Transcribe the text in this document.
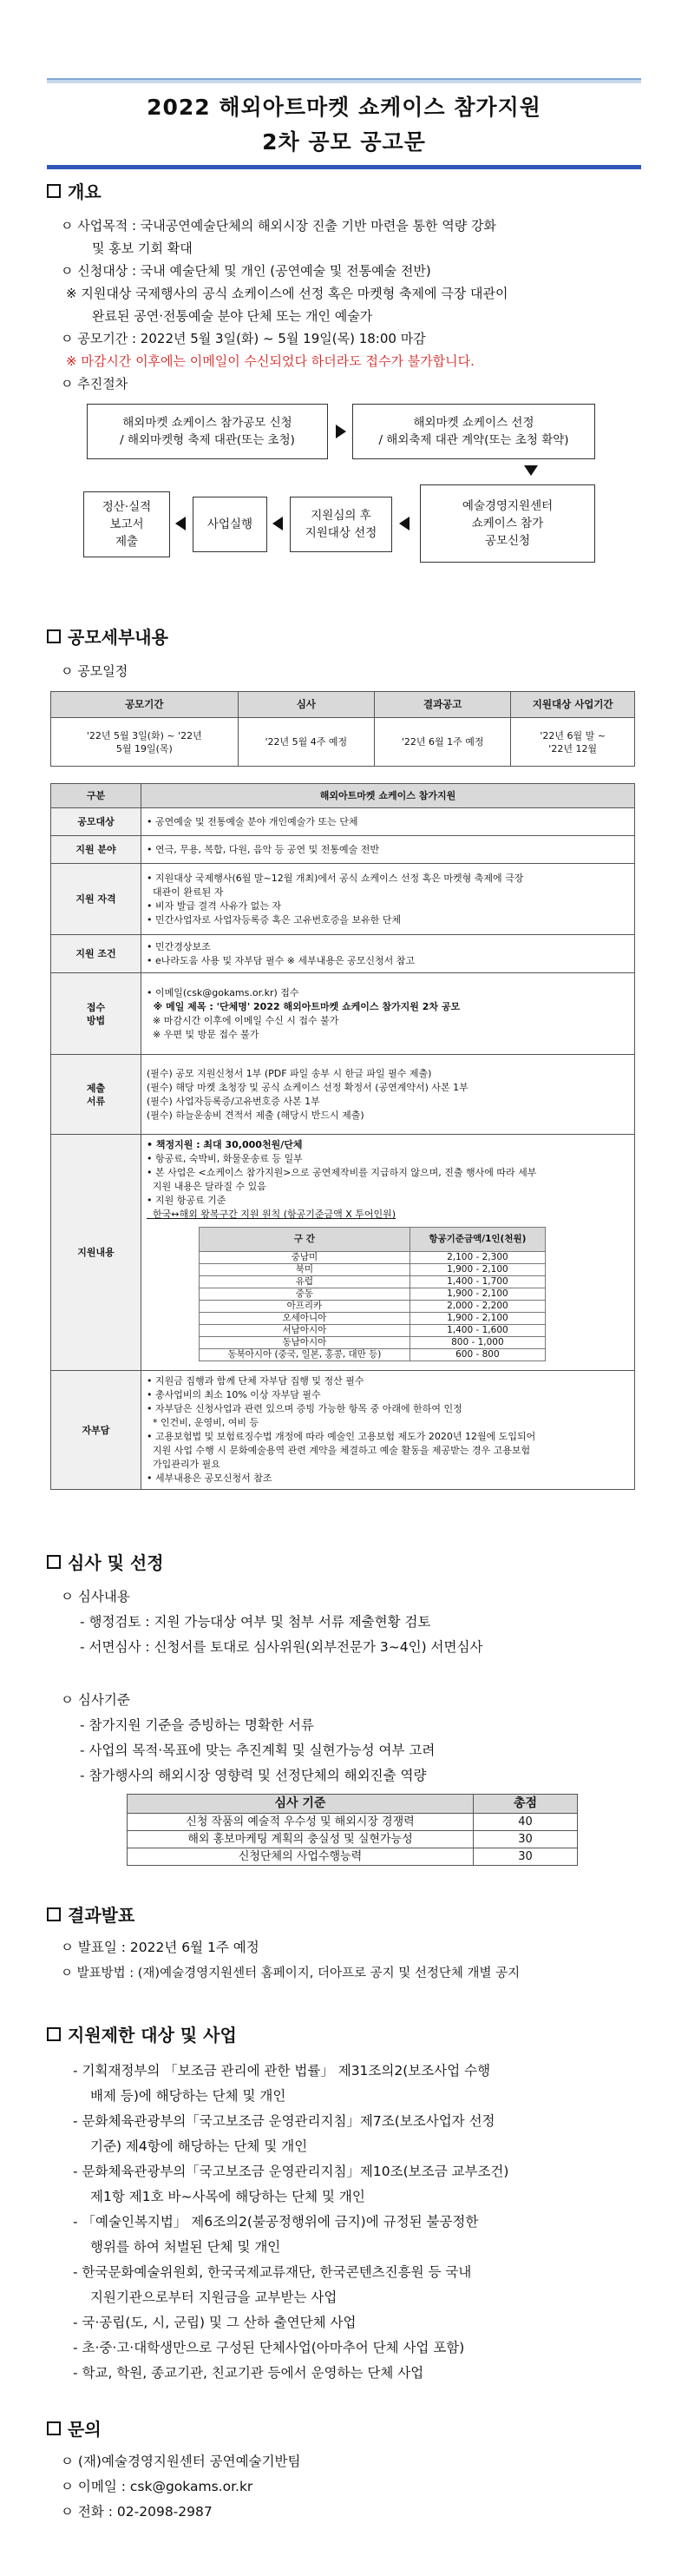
2022 해외아트마켓 쇼케이스 참가지원
2차 공모 공고문
개요
ㅇ 사업목적 : 국내공연예술단체의 해외시장 진출 기반 마련을 통한 역량 강화
및 홍보 기회 확대
ㅇ 신청대상 : 국내 예술단체 및 개인 (공연예술 및 전통예술 전반)
※ 지원대상 국제행사의 공식 쇼케이스에 선정 혹은 마켓형 축제에 극장 대관이
완료된 공연·전통예술 분야 단체 또는 개인 예술가
ㅇ 공모기간 : 2022년 5월 3일(화) ~ 5월 19일(목) 18:00 마감
※ 마감시간 이후에는 이메일이 수신되었다 하더라도 접수가 불가합니다.
ㅇ 추진절차
해외마켓 쇼케이스 참가공모 신청
/ 해외마켓형 축제 대관(또는 초청)
해외마켓 쇼케이스 선정
/ 해외축제 대관 계약(또는 초청 확약)
예술경영지원센터
쇼케이스 참가
공모신청
지원심의 후
지원대상 선정
사업실행
정산·실적
보고서
제출
공모세부내용
ㅇ 공모일정
공모기간	심사	결과공고	지원대상 사업기간
'22년 5월 3일(화) ~ '22년
5월 19일(목)	'22년 5월 4주 예정	'22년 6월 1주 예정	'22년 6월 말 ~
'22년 12월
구분	해외아트마켓 쇼케이스 참가지원
공모대상	• 공연예술 및 전통예술 분야 개인예술가 또는 단체

지원 분야	• 연극, 무용, 복합, 다원, 음악 등 공연 및 전통예술 전반

지원 자격	
• 지원대상 국제행사(6월 말~12월 개최)에서 공식 쇼케이스 선정 혹은 마켓형 축제에 극장
대관이 완료된 자
• 비자 발급 결격 사유가 없는 자
• 민간사업자로 사업자등록증 혹은 고유번호증을 보유한 단체

지원 조건	
• 민간경상보조
• e나라도움 사용 및 자부담 필수 ※ 세부내용은 공모신청서 참고

접수
방법	
• 이메일(csk@gokams.or.kr) 접수
※ 메일 제목 : '단체명' 2022 해외아트마켓 쇼케이스 참가지원 2차 공모
※ 마감시간 이후에 이메일 수신 시 접수 불가
※ 우편 및 방문 접수 불가

제출
서류	
(필수) 공모 지원신청서 1부 (PDF 파일 송부 시 한글 파일 필수 제출)
(필수) 해당 마켓 초청장 및 공식 쇼케이스 선정 확정서 (공연계약서) 사본 1부
(필수) 사업자등록증/고유번호증 사본 1부
(필수) 하늘운송비 견적서 제출 (해당시 반드시 제출)

지원내용	
• 책정지원 : 최대 30,000천원/단체
• 항공료, 숙박비, 화물운송료 등 일부
• 본 사업은 <쇼케이스 참가지원>으로 공연제작비를 지급하지 않으며, 진출 행사에 따라 세부
지원 내용은 달라질 수 있음
• 지원 항공료 기준
한국↔해외 왕복구간 지원 원칙 (항공기준금액 X 투어인원)
구 간	항공기준금액/1인(천원)
중남미	2,100 - 2,300
북미	1,900 - 2,100
유럽	1,400 - 1,700
중동	1,900 - 2,100
아프리카	2,000 - 2,200
오세아니아	1,900 - 2,100
서남아시아	1,400 - 1,600
동남아시아	800 - 1,000
동북아시아 (중국, 일본, 홍콩, 대만 등)	600 - 800

자부담	
• 지원금 집행과 함께 단체 자부담 집행 및 정산 필수
• 총사업비의 최소 10% 이상 자부담 필수
• 자부담은 신청사업과 관련 있으며 증빙 가능한 항목 중 아래에 한하여 인정
* 인건비, 운영비, 여비 등
• 고용보험법 및 보험료징수법 개정에 따라 예술인 고용보험 제도가 2020년 12월에 도입되어
지원 사업 수행 시 문화예술용역 관련 계약을 체결하고 예술 활동을 제공받는 경우 고용보험
가입관리가 필요
• 세부내용은 공모신청서 참조
심사 및 선정
ㅇ 심사내용
- 행정검토 : 지원 가능대상 여부 및 첨부 서류 제출현황 검토
- 서면심사 : 신청서를 토대로 심사위원(외부전문가 3~4인) 서면심사
ㅇ 심사기준
- 참가지원 기준을 증빙하는 명확한 서류
- 사업의 목적·목표에 맞는 추진계획 및 실현가능성 여부 고려
- 참가행사의 해외시장 영향력 및 선정단체의 해외진출 역량
심사 기준	총점
신청 작품의 예술적 우수성 및 해외시장 경쟁력	40
해외 홍보마케팅 계획의 충실성 및 실현가능성	30
신청단체의 사업수행능력	30
결과발표
ㅇ 발표일 : 2022년 6월 1주 예정
ㅇ 발표방법 : (재)예술경영지원센터 홈페이지, 더아프로 공지 및 선정단체 개별 공지
지원제한 대상 및 사업
- 기획재정부의 「보조금 관리에 관한 법률」 제31조의2(보조사업 수행
배제 등)에 해당하는 단체 및 개인
- 문화체육관광부의「국고보조금 운영관리지침」제7조(보조사업자 선정
기준) 제4항에 해당하는 단체 및 개인
- 문화체육관광부의「국고보조금 운영관리지침」제10조(보조금 교부조건)
제1항 제1호 바~사목에 해당하는 단체 및 개인
- 「예술인복지법」 제6조의2(불공정행위에 금지)에 규정된 불공정한
행위를 하여 처벌된 단체 및 개인
- 한국문화예술위원회, 한국국제교류재단, 한국콘텐츠진흥원 등 국내
지원기관으로부터 지원금을 교부받는 사업
- 국·공립(도, 시, 군립) 및 그 산하 출연단체 사업
- 초·중·고·대학생만으로 구성된 단체사업(아마추어 단체 사업 포함)
- 학교, 학원, 종교기관, 친교기관 등에서 운영하는 단체 사업
문의
ㅇ (재)예술경영지원센터 공연예술기반팀
ㅇ 이메일 : csk@gokams.or.kr
ㅇ 전화 : 02-2098-2987
